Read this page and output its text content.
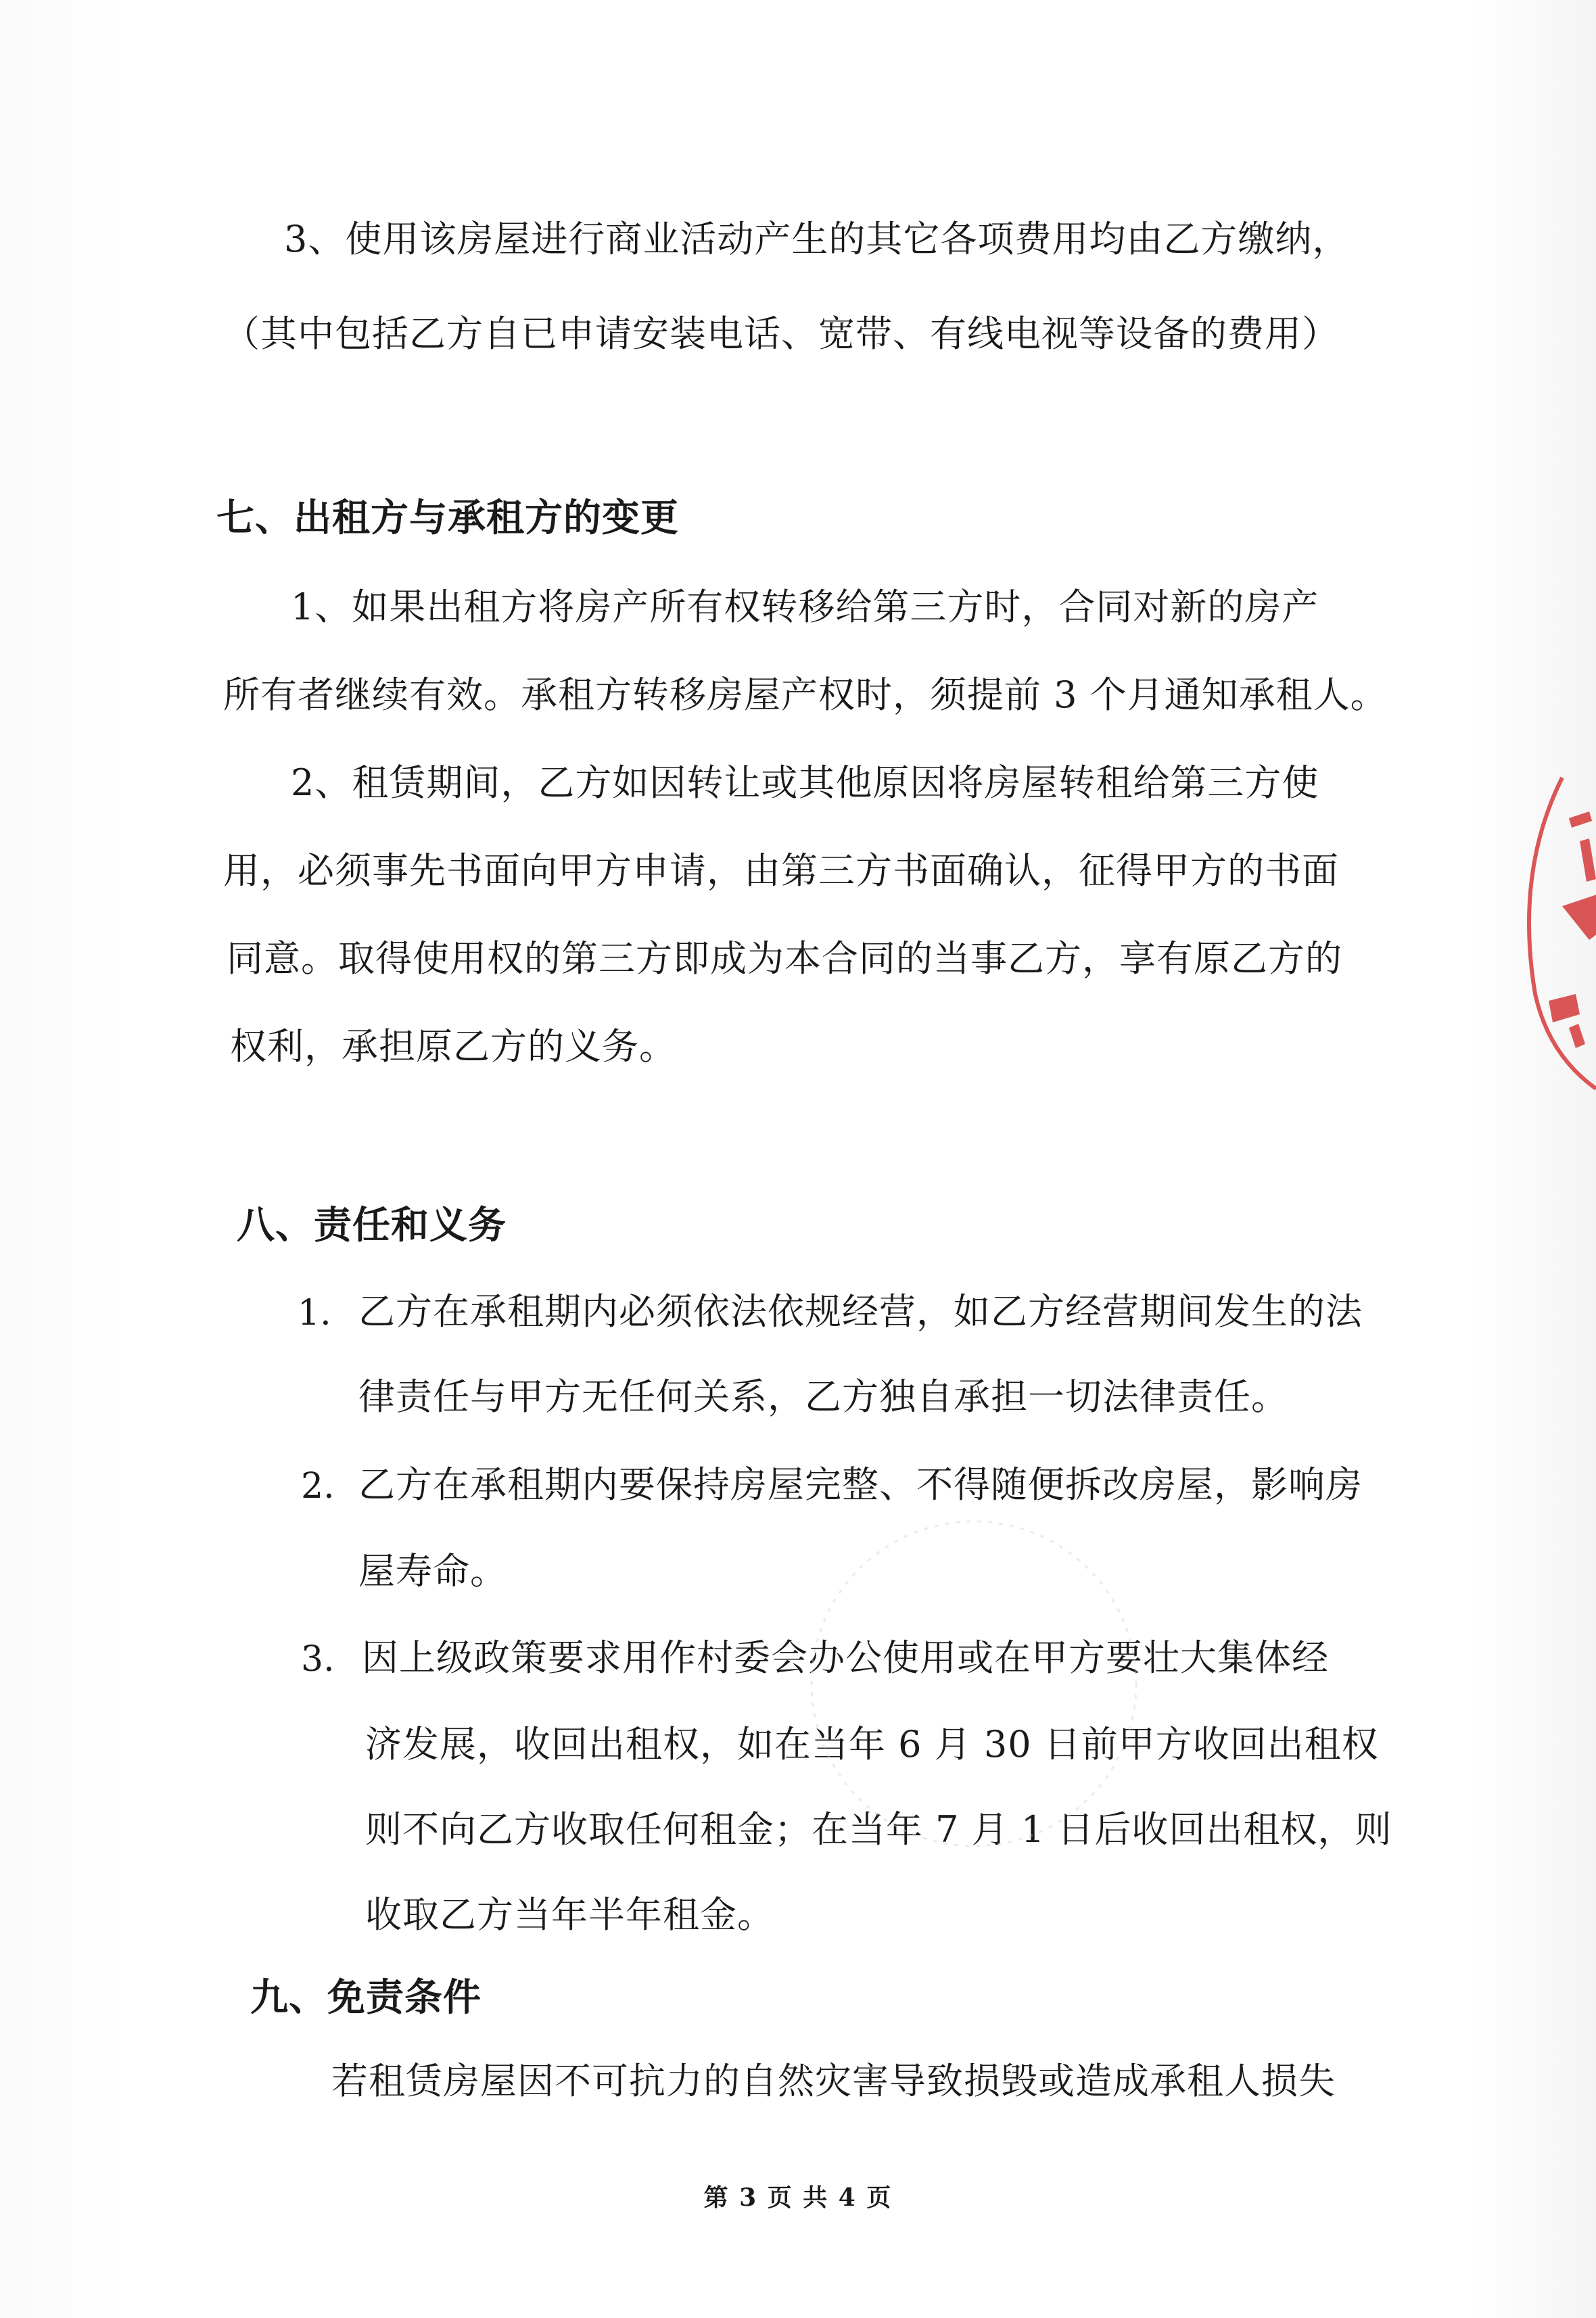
3、使用该房屋进行商业活动产生的其它各项费用均由乙方缴纳，
（其中包括乙方自已申请安装电话、宽带、有线电视等设备的费用）
七、出租方与承租方的变更
1、如果出租方将房产所有权转移给第三方时，合同对新的房产
所有者继续有效。承租方转移房屋产权时，须提前 3 个月通知承租人。
2、租赁期间，乙方如因转让或其他原因将房屋转租给第三方使
用，必须事先书面向甲方申请，由第三方书面确认，征得甲方的书面
同意。取得使用权的第三方即成为本合同的当事乙方，享有原乙方的
权利，承担原乙方的义务。
八、责任和义务
1. 乙方在承租期内必须依法依规经营，如乙方经营期间发生的法
律责任与甲方无任何关系，乙方独自承担一切法律责任。
2. 乙方在承租期内要保持房屋完整、不得随便拆改房屋，影响房
屋寿命。
3. 因上级政策要求用作村委会办公使用或在甲方要壮大集体经
济发展，收回出租权，如在当年 6 月 30 日前甲方收回出租权
则不向乙方收取任何租金；在当年 7 月 1 日后收回出租权，则
收取乙方当年半年租金。
九、免责条件
若租赁房屋因不可抗力的自然灾害导致损毁或造成承租人损失
第 3 页 共 4 页
